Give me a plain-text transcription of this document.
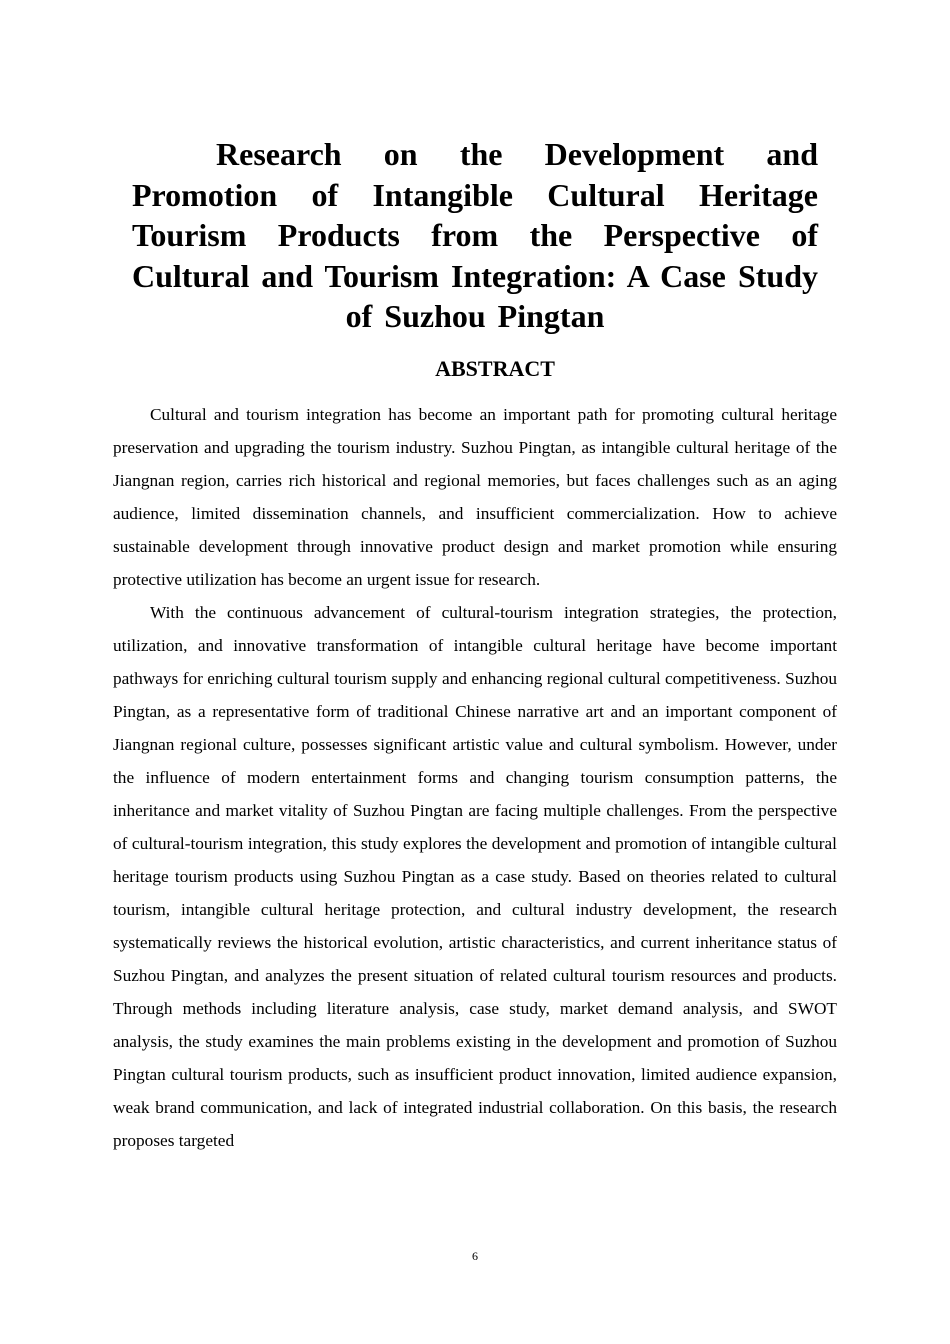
Research on the Development and Promotion of Intangible Cultural Heritage Tourism Products from the Perspective of Cultural and Tourism Integration: A Case Study of Suzhou Pingtan
ABSTRACT

Cultural and tourism integration has become an important path for promoting cultural heritage preservation and upgrading the tourism industry. Suzhou Pingtan, as intangible cultural heritage of the Jiangnan region, carries rich historical and regional memories, but faces challenges such as an aging audience, limited dissemination channels, and insufficient commercialization. How to achieve sustainable development through innovative product design and market promotion while ensuring protective utilization has become an urgent issue for research.

With the continuous advancement of cultural-tourism integration strategies, the protection, utilization, and innovative transformation of intangible cultural heritage have become important pathways for enriching cultural tourism supply and enhancing regional cultural competitiveness. Suzhou Pingtan, as a representative form of traditional Chinese narrative art and an important component of Jiangnan regional culture, possesses significant artistic value and cultural symbolism. However, under the influence of modern entertainment forms and changing tourism consumption patterns, the inheritance and market vitality of Suzhou Pingtan are facing multiple challenges. From the perspective of cultural-tourism integration, this study explores the development and promotion of intangible cultural heritage tourism products using Suzhou Pingtan as a case study. Based on theories related to cultural tourism, intangible cultural heritage protection, and cultural industry development, the research systematically reviews the historical evolution, artistic characteristics, and current inheritance status of Suzhou Pingtan, and analyzes the present situation of related cultural tourism resources and products. Through methods including literature analysis, case study, market demand analysis, and SWOT analysis, the study examines the main problems existing in the development and promotion of Suzhou Pingtan cultural tourism products, such as insufficient product innovation, limited audience expansion, weak brand communication, and lack of integrated industrial collaboration. On this basis, the research proposes targeted

6
